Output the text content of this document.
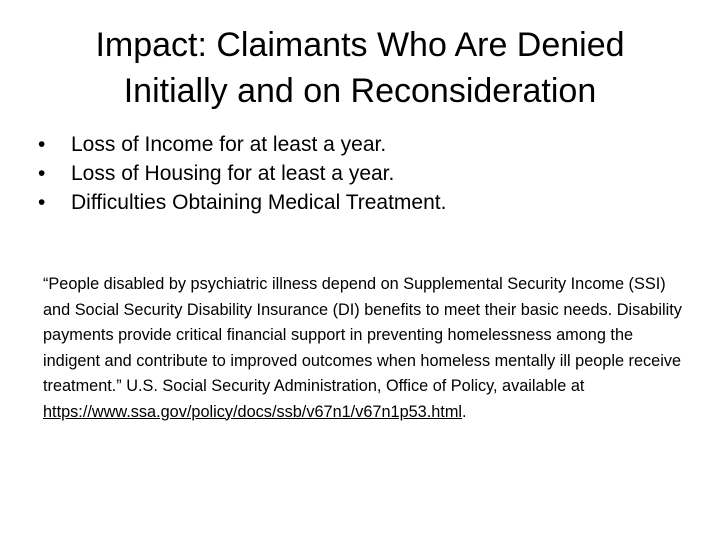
Impact: Claimants Who Are Denied
Initially and on Reconsideration
• Loss of Income for at least a year.
• Loss of Housing for at least a year.
• Difficulties Obtaining Medical Treatment.

“People disabled by psychiatric illness depend on Supplemental Security Income (SSI) and Social Security Disability Insurance (DI) benefits to meet their basic needs. Disability payments provide critical financial support in preventing homelessness among the indigent and contribute to improved outcomes when homeless mentally ill people receive treatment.” U.S. Social Security Administration, Office of Policy, available at https://www.ssa.gov/policy/docs/ssb/v67n1/v67n1p53.html.
